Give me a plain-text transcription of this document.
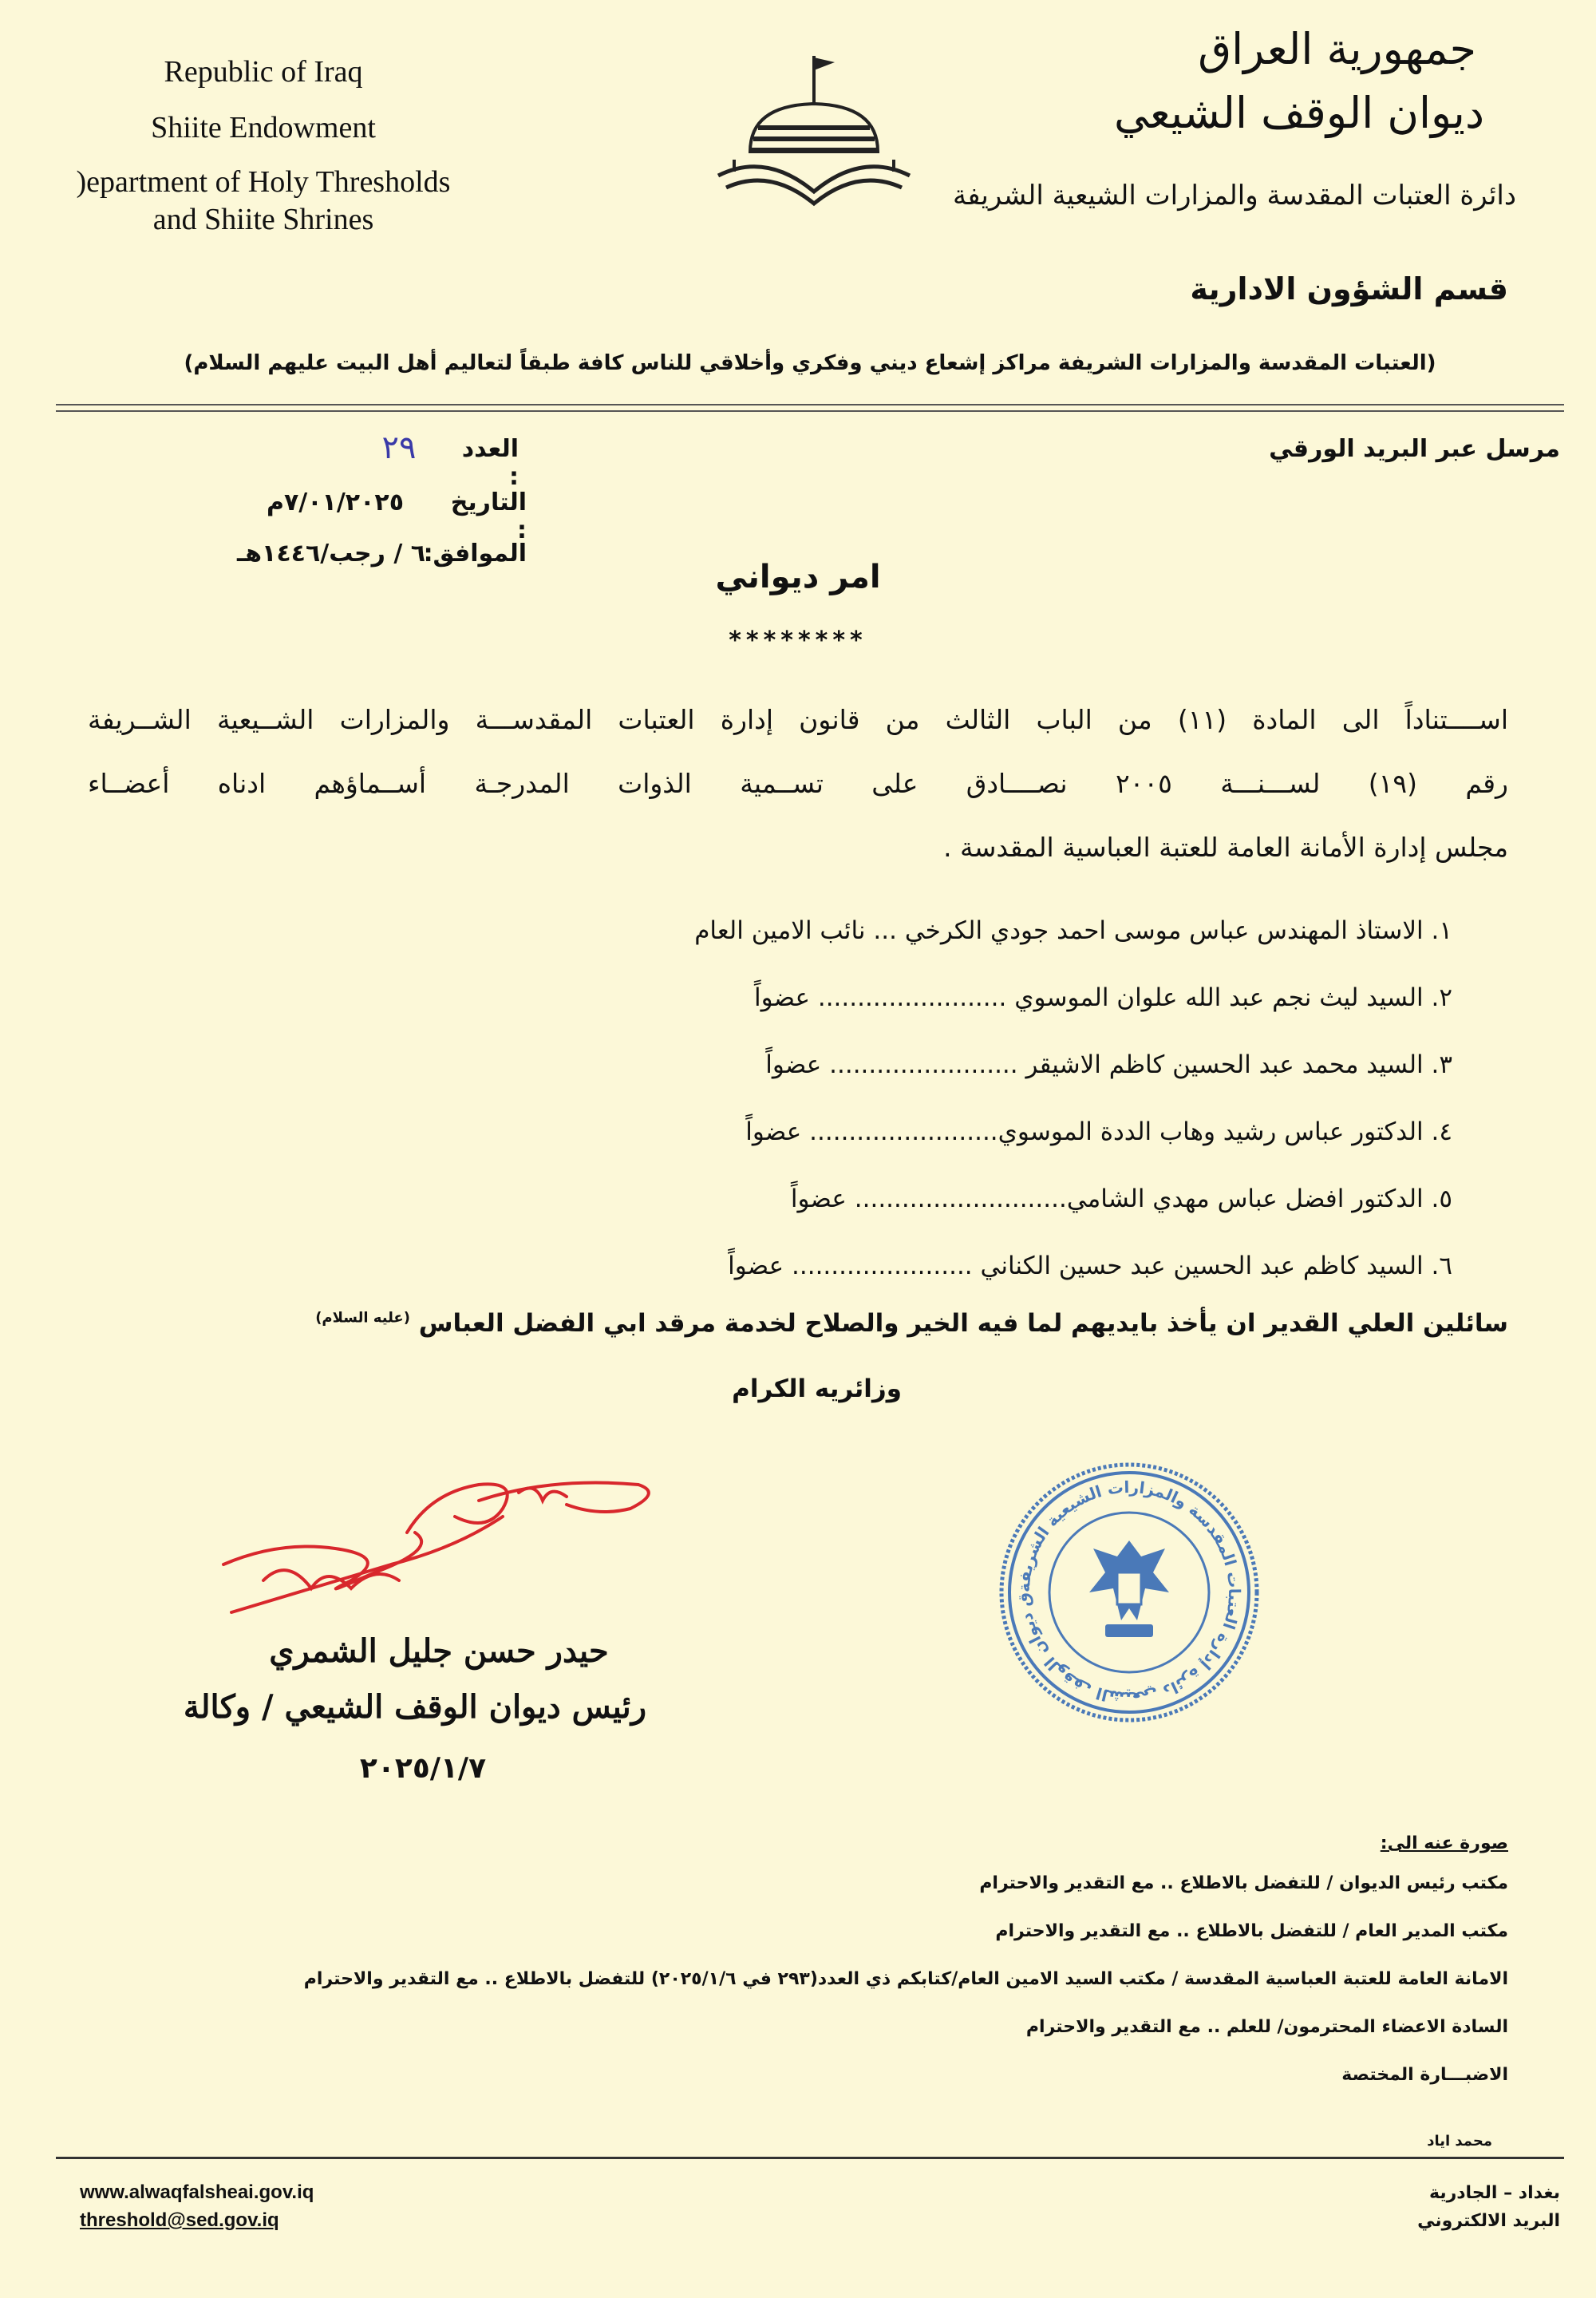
Republic of Iraq
Shiite Endowment
)epartment of Holy Thresholds
and Shiite Shrines
جمهورية العراق
ديوان الوقف الشيعي
دائرة العتبات المقدسة والمزارات الشيعية الشريفة
قسم الشؤون الادارية
(العتبات المقدسة والمزارات الشريفة مراكز إشعاع ديني وفكري وأخلاقي للناس كافة طبقاً لتعاليم أهل البيت عليهم السلام)
مرسل عبر البريد الورقي
العدد :
٢٩
التاريخ :
٧/٠١/٢٠٢٥م
الموافق:
٦ / رجب/١٤٤٦هـ
امر ديواني
********
اســــتناداً الى المادة (١١) من الباب الثالث من قانون إدارة العتبات المقدســـة والمزارات الشــيعية الشــريفة
رقم (١٩) لســـنـــة ٢٠٠٥ نصــــادق على تســمية الذوات المدرجـة أســماؤهم ادناه أعضــاء
مجلس إدارة الأمانة العامة للعتبة العباسية المقدسة .
١. الاستاذ المهندس عباس موسى احمد جودي الكرخي ... نائب الامين العام
٢. السيد ليث نجم عبد الله علوان الموسوي ........................ عضواً
٣. السيد محمد عبد الحسين كاظم الاشيقر ........................ عضواً
٤. الدكتور عباس رشيد وهاب الددة الموسوي........................ عضواً
٥. الدكتور افضل عباس مهدي الشامي........................... عضواً
٦. السيد كاظم عبد الحسين عبد حسين الكناني ....................... عضواً
سائلين العلي القدير ان يأخذ بايديهم لما فيه الخير والصلاح لخدمة مرقد ابي الفضل العباس $^{(عليه السلام)}$
وزائريه الكرام
حيدر حسن جليل الشمري
رئيس ديوان الوقف الشيعي / وكالة
٢٠٢٥/١/٧
ق ديوان الوقف الشيعي دائرة إدارة العتبات المقدسة والمزارات الشيعية الشريفة
صورة عنه الى:
مكتب رئيس الديوان / للتفضل بالاطلاع .. مع التقدير والاحترام
مكتب المدير العام / للتفضل بالاطلاع .. مع التقدير والاحترام
الامانة العامة للعتبة العباسية المقدسة / مكتب السيد الامين العام/كتابكم ذي العدد(٢٩٣ في ٢٠٢٥/١/٦) للتفضل بالاطلاع .. مع التقدير والاحترام
السادة الاعضاء المحترمون/ للعلم .. مع التقدير والاحترام
الاضبـــارة المختصة
محمد اياد
www.alwaqfalsheai.gov.iq
threshold@sed.gov.iq
بغداد – الجادرية
البريد الالكتروني
